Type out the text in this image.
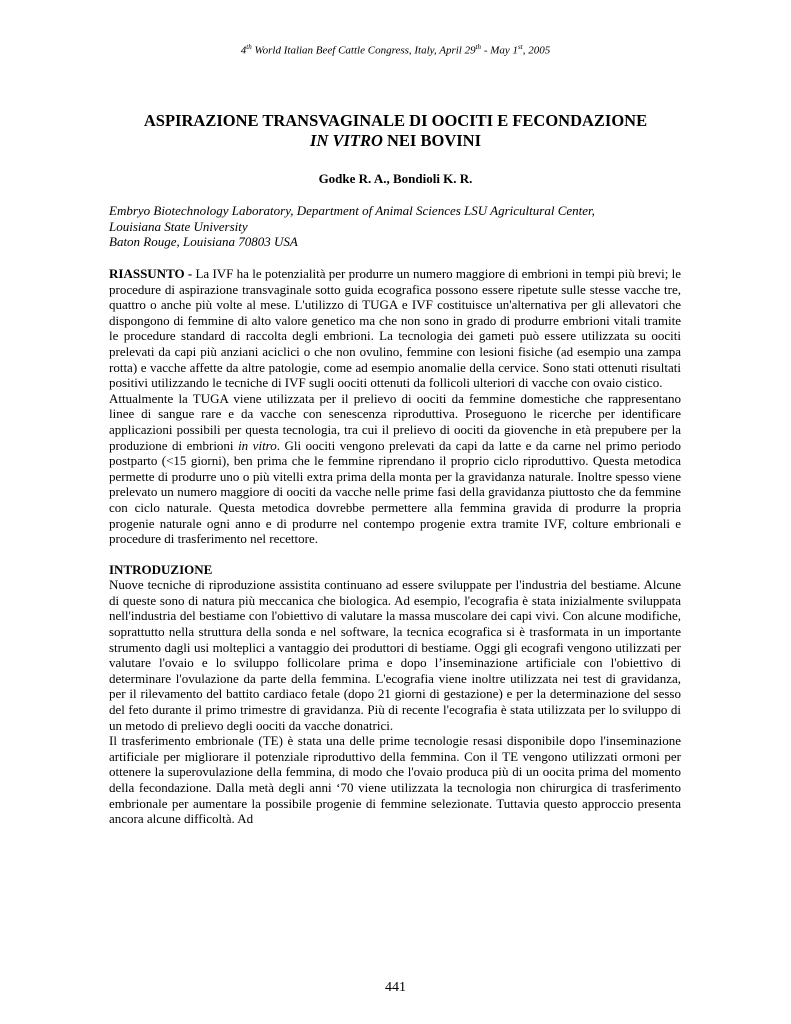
4th World Italian Beef Cattle Congress, Italy, April 29th - May 1st, 2005
ASPIRAZIONE TRANSVAGINALE DI OOCITI E FECONDAZIONE
IN VITRO NEI BOVINI
Godke R. A., Bondioli K. R.
Embryo Biotechnology Laboratory, Department of Animal Sciences LSU Agricultural Center,
Louisiana State University
Baton Rouge, Louisiana 70803 USA

RIASSUNTO - La IVF ha le potenzialità per produrre un numero maggiore di embrioni in tempi più brevi; le procedure di aspirazione transvaginale sotto guida ecografica possono essere ripetute sulle stesse vacche tre, quattro o anche più volte al mese. L'utilizzo di TUGA e IVF costituisce un'alternativa per gli allevatori che dispongono di femmine di alto valore genetico ma che non sono in grado di produrre embrioni vitali tramite le procedure standard di raccolta degli embrioni. La tecnologia dei gameti può essere utilizzata su oociti prelevati da capi più anziani aciclici o che non ovulino, femmine con lesioni fisiche (ad esempio una zampa rotta) e vacche affette da altre patologie, come ad esempio anomalie della cervice. Sono stati ottenuti risultati positivi utilizzando le tecniche di IVF sugli oociti ottenuti da follicoli ulteriori di vacche con ovaio cistico.

Attualmente la TUGA viene utilizzata per il prelievo di oociti da femmine domestiche che rappresentano linee di sangue rare e da vacche con senescenza riproduttiva. Proseguono le ricerche per identificare applicazioni possibili per questa tecnologia, tra cui il prelievo di oociti da giovenche in età prepubere per la produzione di embrioni in vitro. Gli oociti vengono prelevati da capi da latte e da carne nel primo periodo postparto (<15 giorni), ben prima che le femmine riprendano il proprio ciclo riproduttivo. Questa metodica permette di produrre uno o più vitelli extra prima della monta per la gravidanza naturale. Inoltre spesso viene prelevato un numero maggiore di oociti da vacche nelle prime fasi della gravidanza piuttosto che da femmine con ciclo naturale. Questa metodica dovrebbe permettere alla femmina gravida di produrre la propria progenie naturale ogni anno e di produrre nel contempo progenie extra tramite IVF, colture embrionali e procedure di trasferimento nel recettore.

INTRODUZIONE

Nuove tecniche di riproduzione assistita continuano ad essere sviluppate per l'industria del bestiame. Alcune di queste sono di natura più meccanica che biologica. Ad esempio, l'ecografia è stata inizialmente sviluppata nell'industria del bestiame con l'obiettivo di valutare la massa muscolare dei capi vivi. Con alcune modifiche, soprattutto nella struttura della sonda e nel software, la tecnica ecografica si è trasformata in un importante strumento dagli usi molteplici a vantaggio dei produttori di bestiame. Oggi gli ecografi vengono utilizzati per valutare l'ovaio e lo sviluppo follicolare prima e dopo l’inseminazione artificiale con l'obiettivo di determinare l'ovulazione da parte della femmina. L'ecografia viene inoltre utilizzata nei test di gravidanza, per il rilevamento del battito cardiaco fetale (dopo 21 giorni di gestazione) e per la determinazione del sesso del feto durante il primo trimestre di gravidanza. Più di recente l'ecografia è stata utilizzata per lo sviluppo di un metodo di prelievo degli oociti da vacche donatrici.

Il trasferimento embrionale (TE) è stata una delle prime tecnologie resasi disponibile dopo l'inseminazione artificiale per migliorare il potenziale riproduttivo della femmina. Con il TE vengono utilizzati ormoni per ottenere la superovulazione della femmina, di modo che l'ovaio produca più di un oocita prima del momento della fecondazione. Dalla metà degli anni ‘70 viene utilizzata la tecnologia non chirurgica di trasferimento embrionale per aumentare la possibile progenie di femmine selezionate. Tuttavia questo approccio presenta ancora alcune difficoltà. Ad

441
